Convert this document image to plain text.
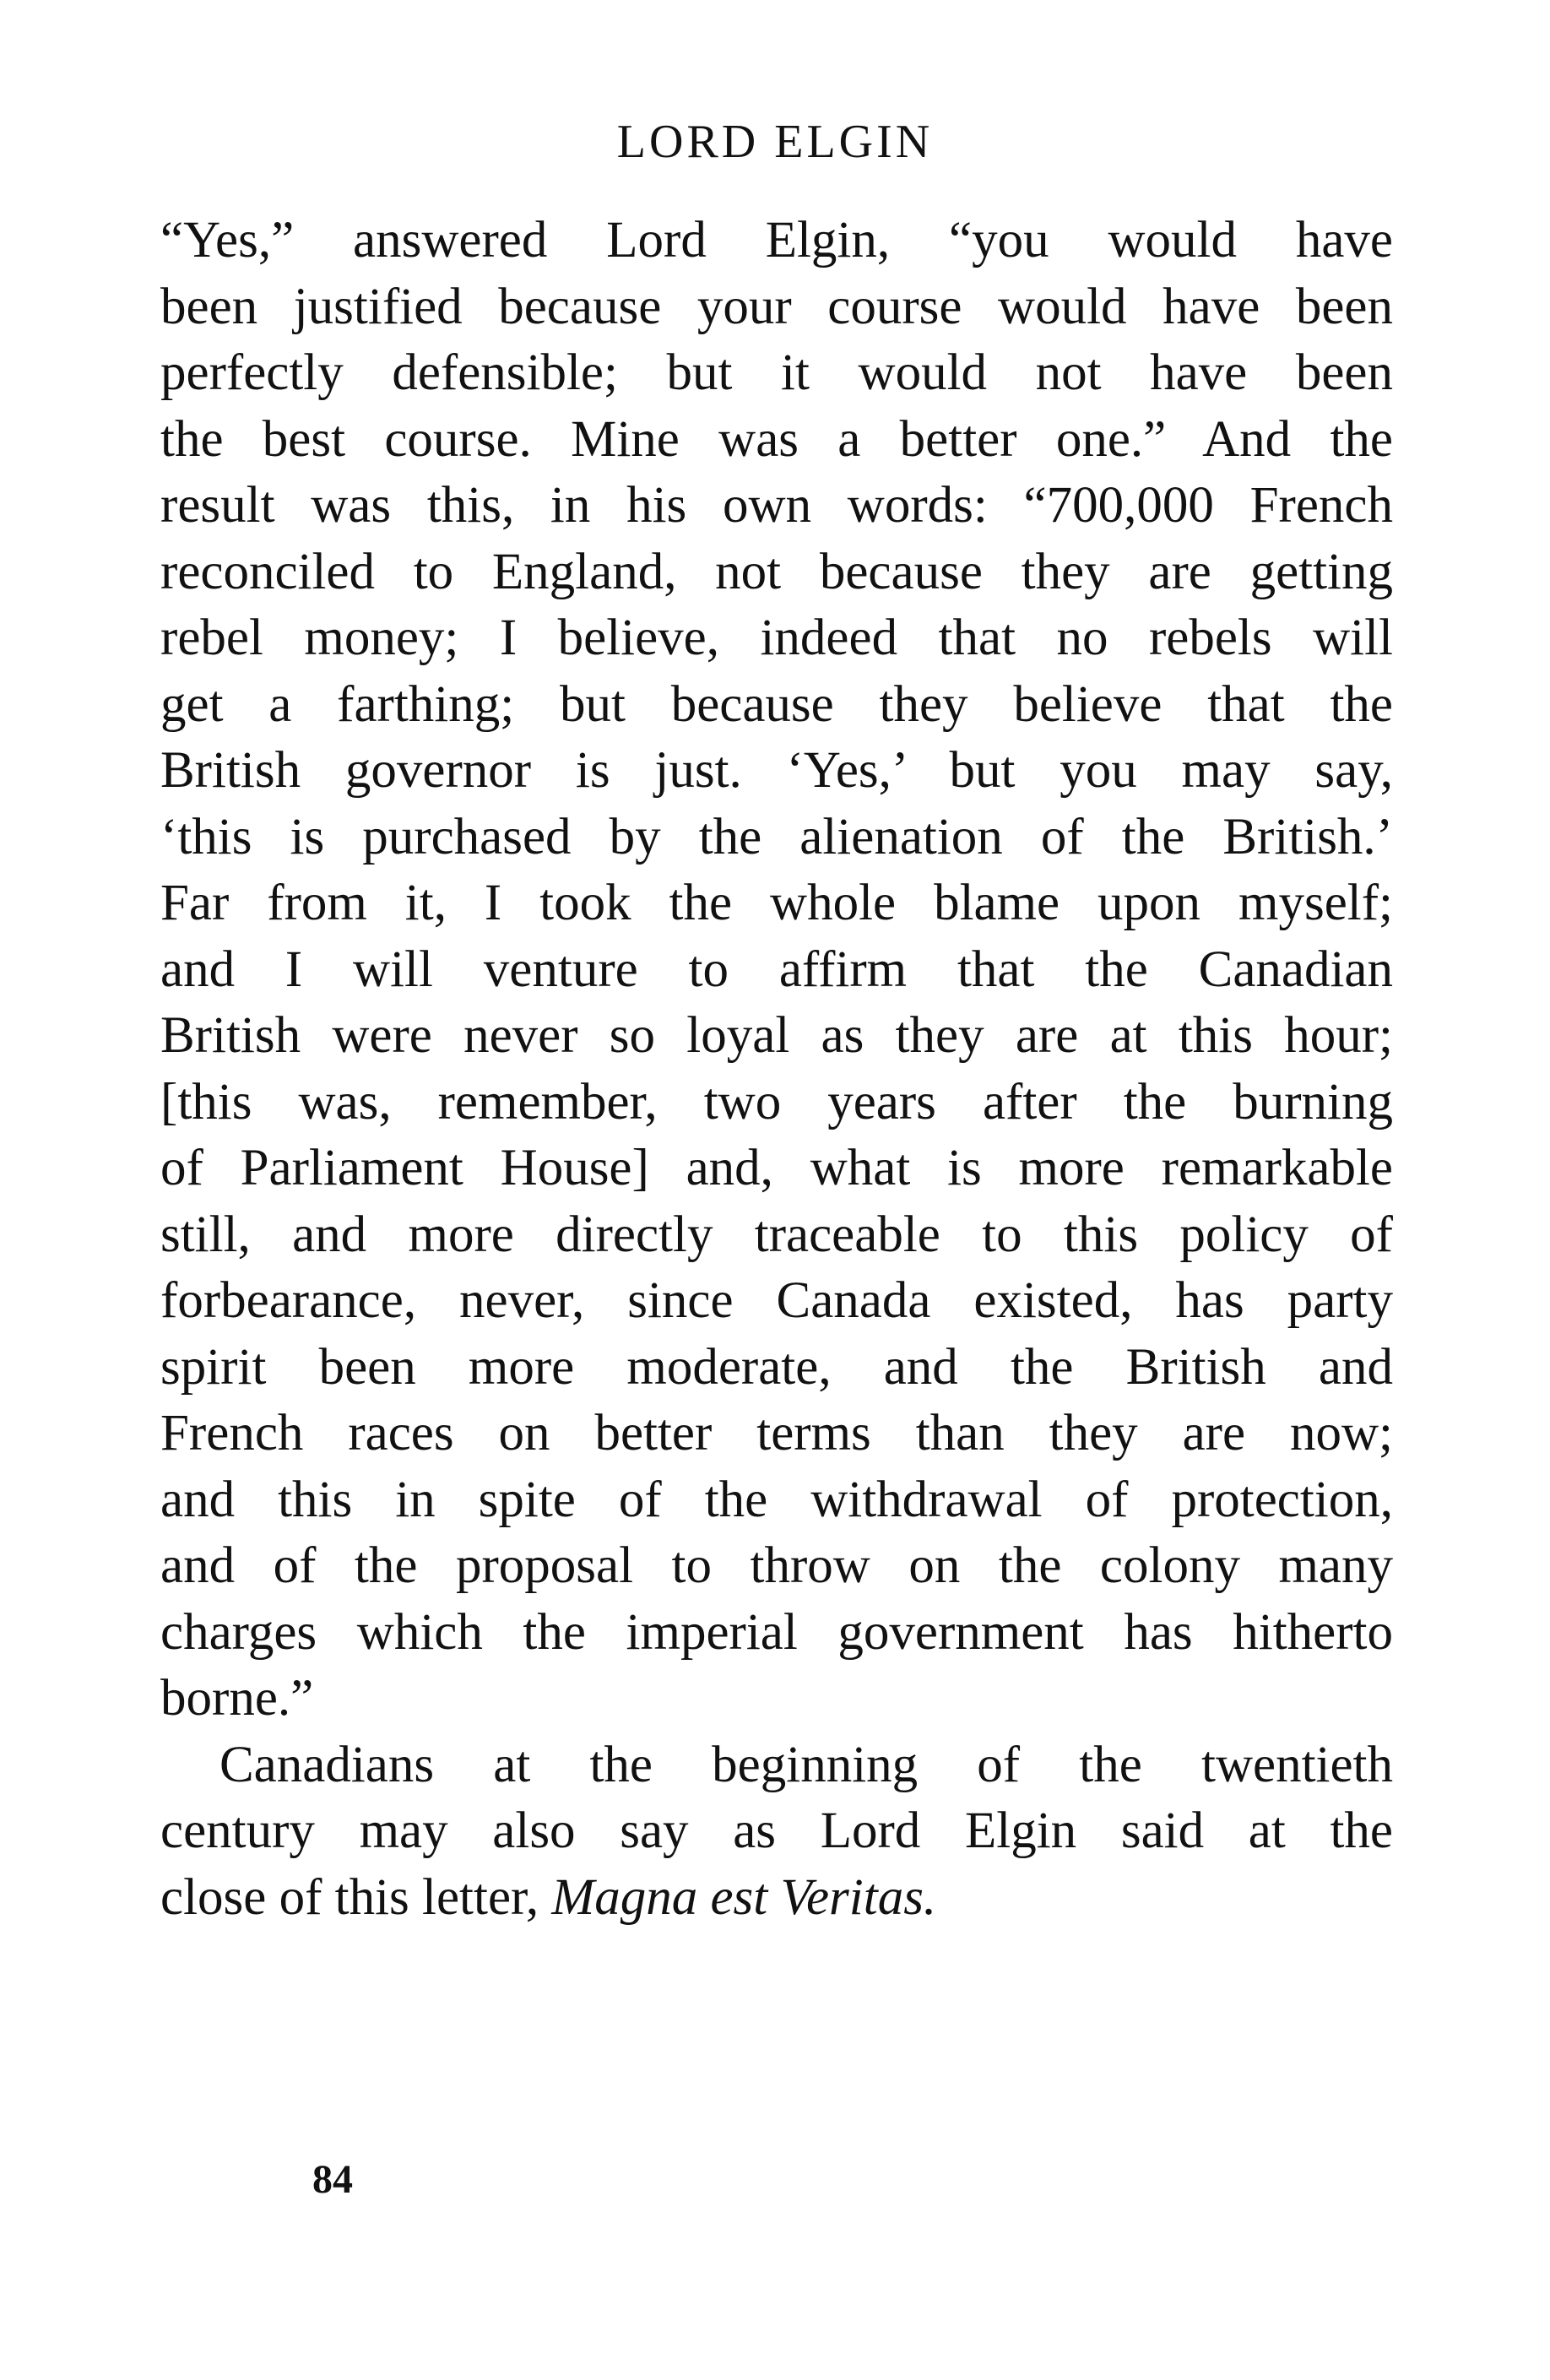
LORD ELGIN
“Yes,” answered Lord Elgin, “you would have
been justified because your course would have been
perfectly defensible; but it would not have been
the best course. Mine was a better one.” And the
result was this, in his own words: “700,000 French
reconciled to England, not because they are getting
rebel money; I believe, indeed that no rebels will
get a farthing; but because they believe that the
British governor is just. ‘Yes,’ but you may say,
‘this is purchased by the alienation of the British.’
Far from it, I took the whole blame upon myself;
and I will venture to affirm that the Canadian
British were never so loyal as they are at this hour;
[this was, remember, two years after the burning
of Parliament House] and, what is more remarkable
still, and more directly traceable to this policy of
forbearance, never, since Canada existed, has party
spirit been more moderate, and the British and
French races on better terms than they are now;
and this in spite of the withdrawal of protection,
and of the proposal to throw on the colony many
charges which the imperial government has hitherto
borne.”
Canadians at the beginning of the twentieth
century may also say as Lord Elgin said at the
close of this letter, Magna est Veritas.
84
